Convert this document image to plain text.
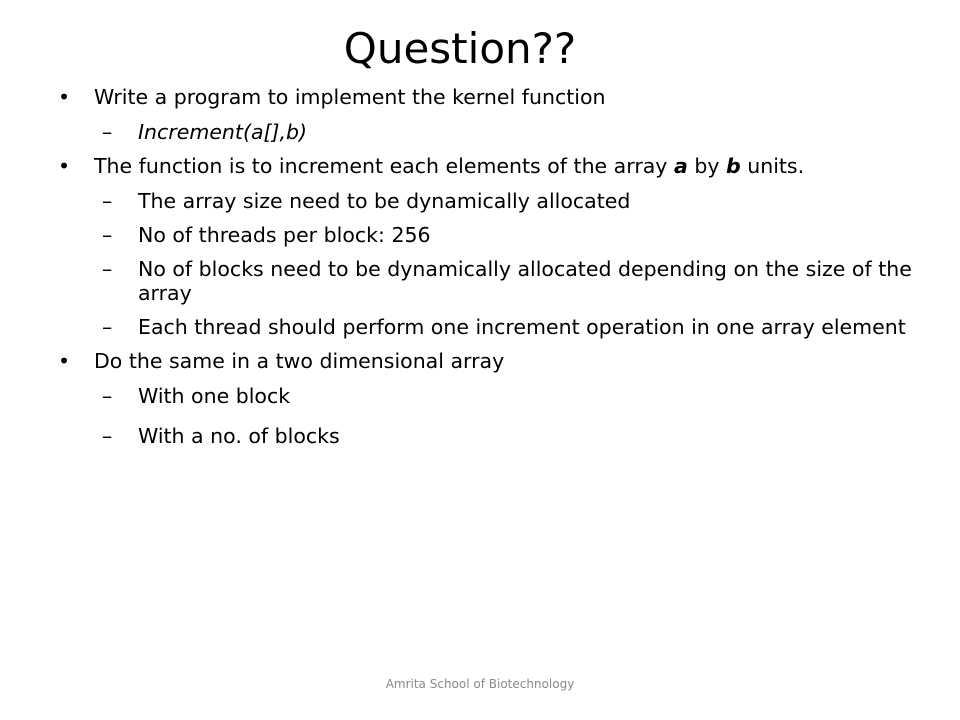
Question??
•	Write a program to implement the kernel function
–	Increment(a[],b)
•	The function is to increment each elements of the array a by b units.
–	The array size need to be dynamically allocated
–	No of threads per block: 256
–	No of blocks need to be dynamically allocated depending on the size of the array
–	Each thread should perform one increment operation in one array element
•	Do the same in a two dimensional array
–	With one block
–	With a no. of blocks
Amrita School of Biotechnology
